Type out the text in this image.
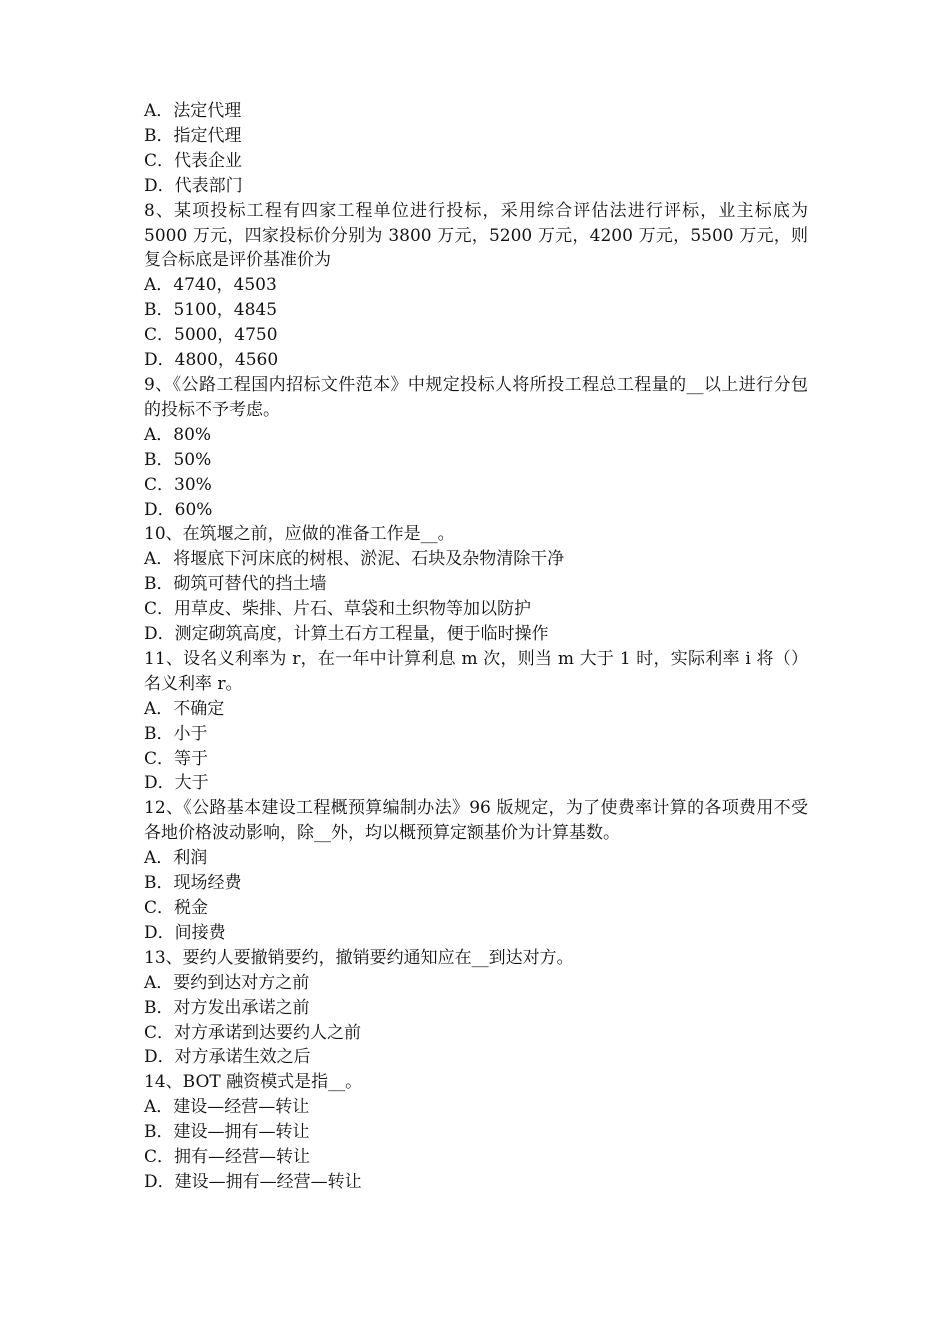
A．法定代理

B．指定代理

C．代表企业

D．代表部门

8、某项投标工程有四家工程单位进行投标，采用综合评估法进行评标，业主标底为 5000 万元，四家投标价分别为 3800 万元，5200 万元，4200 万元，5500 万元，则复合标底是评价基准价为

A．4740，4503

B．5100，4845

C．5000，4750

D．4800，4560

9、《公路工程国内招标文件范本》中规定投标人将所投工程总工程量的__以上进行分包的投标不予考虑。

A．80%

B．50%

C．30%

D．60%

10、在筑堰之前，应做的准备工作是__。

A．将堰底下河床底的树根、淤泥、石块及杂物清除干净

B．砌筑可替代的挡土墙

C．用草皮、柴排、片石、草袋和土织物等加以防护

D．测定砌筑高度，计算土石方工程量，便于临时操作

11、设名义利率为 r，在一年中计算利息 m 次，则当 m 大于 1 时，实际利率 i 将（）名义利率 r。

A．不确定

B．小于

C．等于

D．大于

12、《公路基本建设工程概预算编制办法》96 版规定，为了使费率计算的各项费用不受各地价格波动影响，除__外，均以概预算定额基价为计算基数。

A．利润

B．现场经费

C．税金

D．间接费

13、要约人要撤销要约，撤销要约通知应在__到达对方。

A．要约到达对方之前

B．对方发出承诺之前

C．对方承诺到达要约人之前

D．对方承诺生效之后

14、BOT 融资模式是指__。

A．建设—经营—转让

B．建设—拥有—转让

C．拥有—经营—转让

D．建设—拥有—经营—转让
